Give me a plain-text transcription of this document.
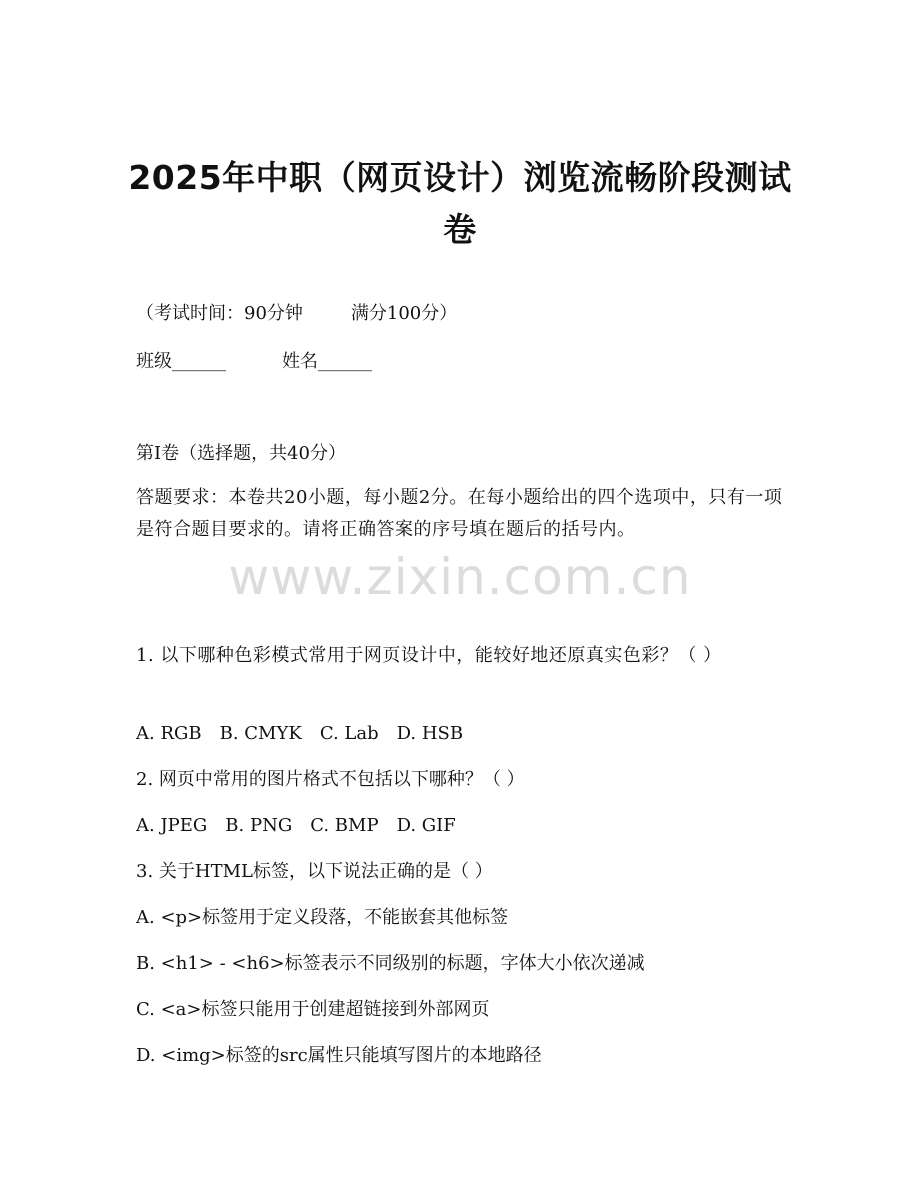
2025年中职（网页设计）浏览流畅阶段测试卷
（考试时间：90分钟	满分100分）
班级______	姓名______
第I卷（选择题，共40分）
答题要求：本卷共20小题，每小题2分。在每小题给出的四个选项中，只有一项是符合题目要求的。请将正确答案的序号填在题后的括号内。
www.zixin.com.cn
1. 以下哪种色彩模式常用于网页设计中，能较好地还原真实色彩？（ ）
A. RGB B. CMYK C. Lab D. HSB
2. 网页中常用的图片格式不包括以下哪种？（ ）
A. JPEG B. PNG C. BMP D. GIF
3. 关于HTML标签，以下说法正确的是（ ）
A. <p>标签用于定义段落，不能嵌套其他标签
B. <h1> - <h6>标签表示不同级别的标题，字体大小依次递减
C. <a>标签只能用于创建超链接到外部网页
D. <img>标签的src属性只能填写图片的本地路径
